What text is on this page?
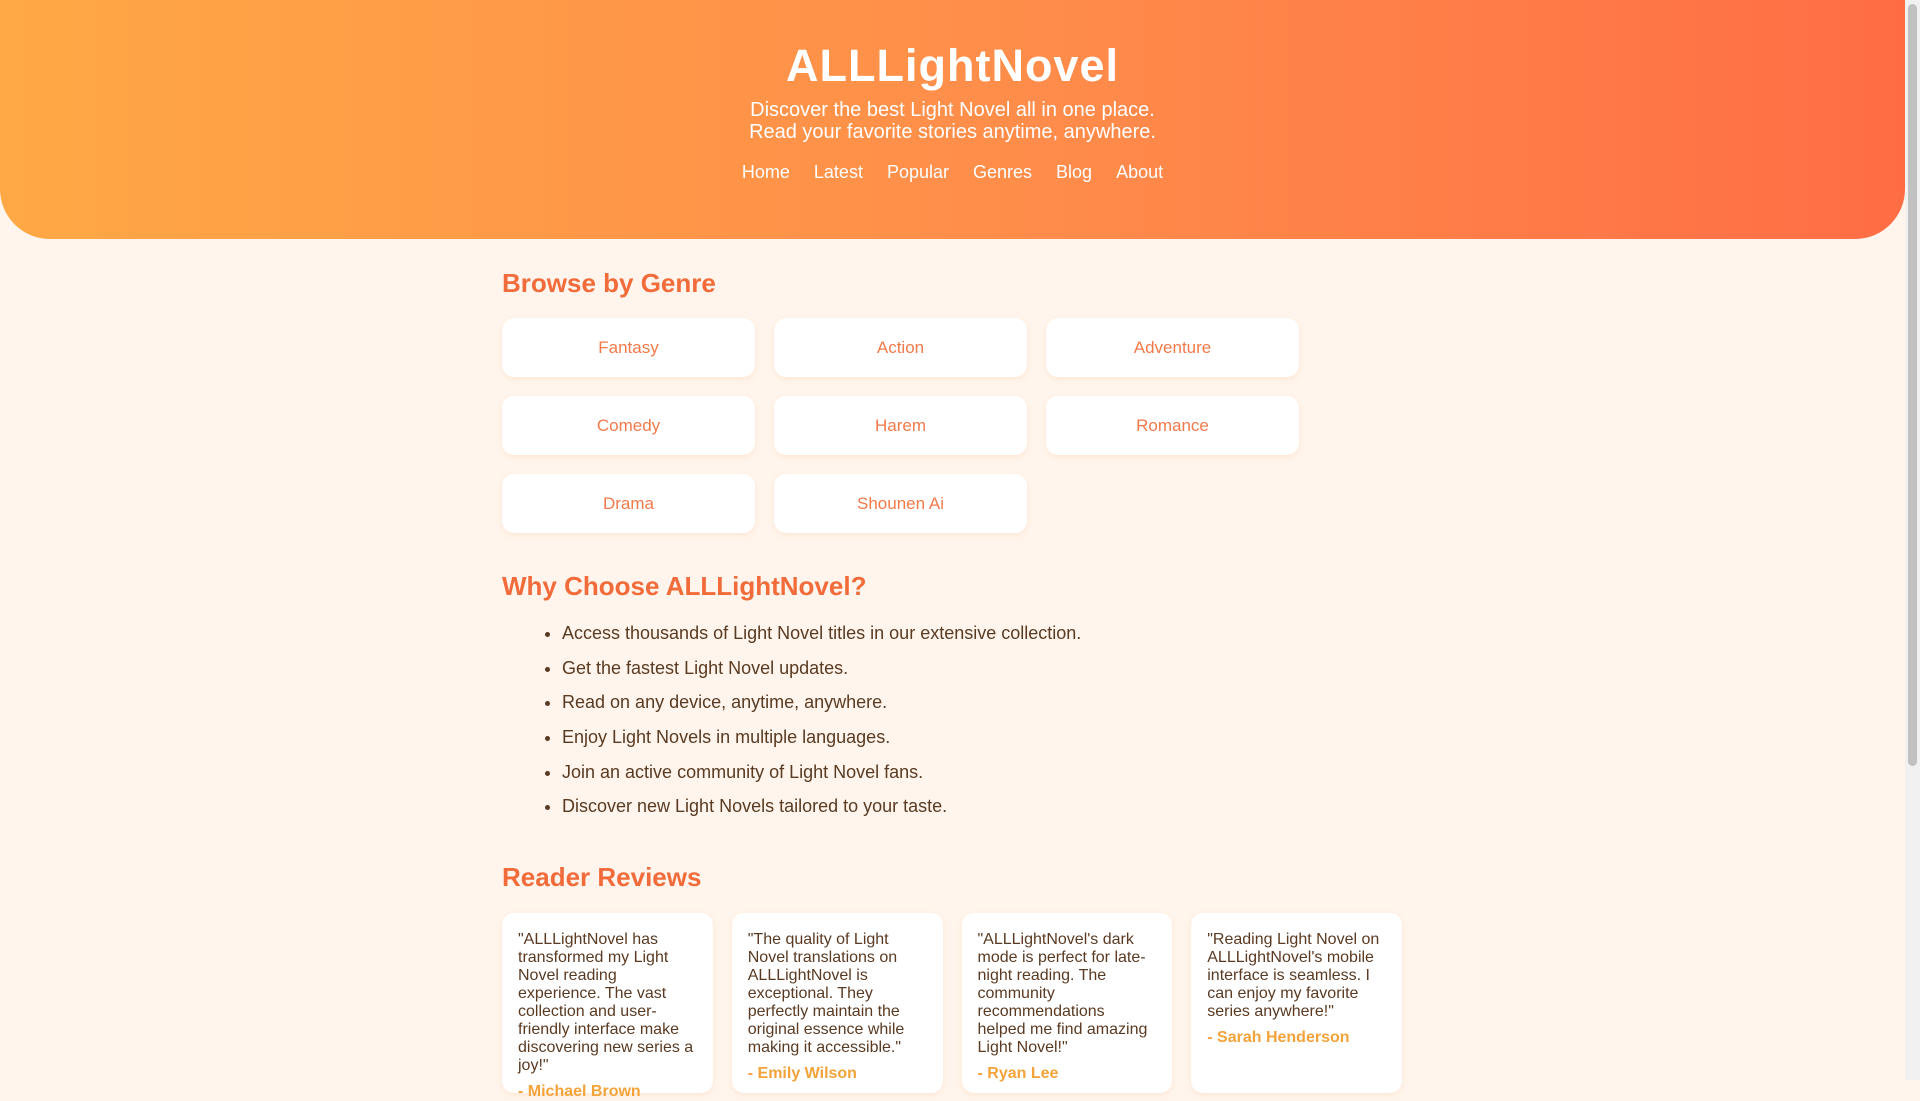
ALLLightNovel
Discover the best Light Novel all in one place.
Read your favorite stories anytime, anywhere.
Home Latest Popular Genres Blog About
Browse by Genre
Fantasy	Action	Adventure
Comedy	Harem	Romance
Drama	Shounen Ai
Why Choose ALLLightNovel?
• Access thousands of Light Novel titles in our extensive collection.
• Get the fastest Light Novel updates.
• Read on any device, anytime, anywhere.
• Enjoy Light Novels in multiple languages.
• Join an active community of Light Novel fans.
• Discover new Light Novels tailored to your taste.
Reader Reviews
"ALLLightNovel has transformed my Light Novel reading experience. The vast collection and user-friendly interface make discovering new series a joy!"
- Michael Brown
"The quality of Light Novel translations on ALLLightNovel is exceptional. They perfectly maintain the original essence while making it accessible."
- Emily Wilson
"ALLLightNovel's dark mode is perfect for late-night reading. The community recommendations helped me find amazing Light Novel!"
- Ryan Lee
"Reading Light Novel on ALLLightNovel's mobile interface is seamless. I can enjoy my favorite series anywhere!"
- Sarah Henderson
